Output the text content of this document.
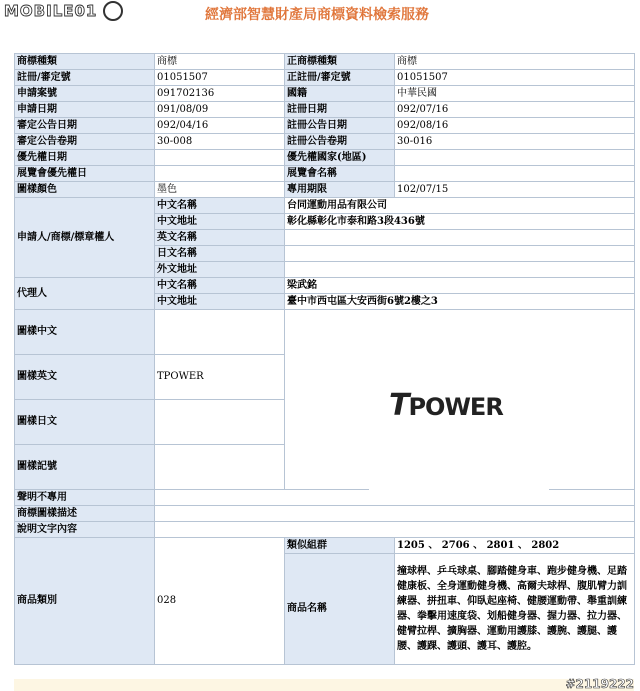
MOBILE01	經濟部智慧財產局商標資料檢索服務
商標種類	商標	正商標種類	商標
註冊/審定號	01051507	正註冊/審定號	01051507
申請案號	091702136	國籍	中華民國
申請日期	091/08/09	註冊日期	092/07/16
審定公告日期	092/04/16	註冊公告日期	092/08/16
審定公告卷期	30-008	註冊公告卷期	30-016
優先權日期		優先權國家(地區)	
展覽會優先權日		展覽會名稱	
圖樣顏色	墨色	專用期限	102/07/15
申請人/商標/標章權人	中文名稱	台同運動用品有限公司	
	中文地址	彰化縣彰化市泰和路3段436號	
	英文名稱		
	日文名稱		
	外文地址		
代理人	中文名稱	梁武銘	
	中文地址	臺中市西屯區大安西街6號2樓之3	
圖樣中文			
圖樣英文	TPOWER		
圖樣日文			
圖樣記號			
聲明不專用			
商標圖樣描述			
說明文字內容			
商品類別	028	類似組群	1205 、 2706 、 2801 、 2802
		商品名稱	撞球桿、乒乓球桌、腳踏健身車、跑步健身機、足踏健康板、全身運動健身機、高爾夫球桿、腹肌臂力訓練器、拼扭車、仰臥起座椅、健腰運動帶、舉重訓練器、拳擊用速度袋、划船健身器、握力器、拉力器、健臂拉桿、擴胸器、運動用護膝、護腕、護腿、護腰、護踝、護頭、護耳、護腔。
TPOWER
#2119222
